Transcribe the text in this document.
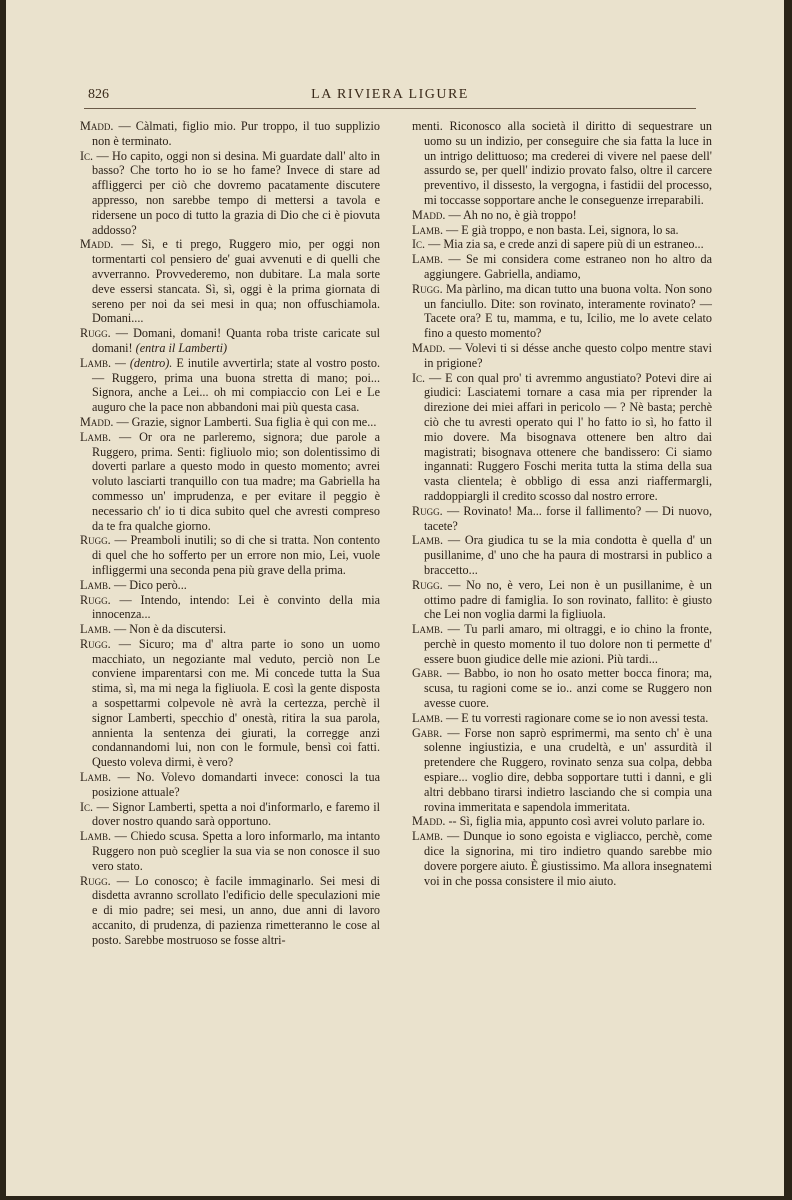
826	LA RIVIERA LIGURE

Madd. — Càlmati, figlio mio. Pur troppo, il tuo supplizio non è terminato.

Ic. — Ho capito, oggi non si desina. Mi guardate dall' alto in basso? Che torto ho io se ho fame? Invece di stare ad affliggerci per ciò che dovremo pacatamente discutere appresso, non sarebbe tempo di mettersi a tavola e ridersene un poco di tutto la grazia di Dio che ci è piovuta addosso?

Madd. — Sì, e ti prego, Ruggero mio, per oggi non tormentarti col pensiero de' guai avvenuti e di quelli che avverranno. Provvederemo, non dubitare. La mala sorte deve essersi stancata. Sì, sì, oggi è la prima giornata di sereno per noi da sei mesi in qua; non offuschiamola. Domani....

Rugg. — Domani, domani! Quanta roba triste caricate sul domani! (entra il Lamberti)

Lamb. — (dentro). E inutile avvertirla; state al vostro posto. — Ruggero, prima una buona stretta di mano; poi... Signora, anche a Lei... oh mi compiaccio con Lei e Le auguro che la pace non abbandoni mai più questa casa.

Madd. — Grazie, signor Lamberti. Sua figlia è qui con me...

Lamb. — Or ora ne parleremo, signora; due parole a Ruggero, prima. Senti: figliuolo mio; son dolentissimo di doverti parlare a questo modo in questo momento; avrei voluto lasciarti tranquillo con tua madre; ma Gabriella ha commesso un' imprudenza, e per evitare il peggio è necessario ch' io ti dica subito quel che avresti compreso da te fra qualche giorno.

Rugg. — Preamboli inutili; so di che si tratta. Non contento di quel che ho sofferto per un errore non mio, Lei, vuole infliggermi una seconda pena più grave della prima.

Lamb. — Dico però...

Rugg. — Intendo, intendo: Lei è convinto della mia innocenza...

Lamb. — Non è da discutersi.

Rugg. — Sicuro; ma d' altra parte io sono un uomo macchiato, un negoziante mal veduto, perciò non Le conviene imparentarsi con me. Mi concede tutta la Sua stima, sì, ma mi nega la figliuola. E così la gente disposta a sospettarmi colpevole nè avrà la certezza, perchè il signor Lamberti, specchio d' onestà, ritira la sua parola, annienta la sentenza dei giurati, la corregge anzi condannandomi lui, non con le formule, bensì coi fatti. Questo voleva dirmi, è vero?

Lamb. — No. Volevo domandarti invece: conosci la tua posizione attuale?

Ic. — Signor Lamberti, spetta a noi d'informarlo, e faremo il dover nostro quando sarà opportuno.

Lamb. — Chiedo scusa. Spetta a loro informarlo, ma intanto Ruggero non può sceglier la sua via se non conosce il suo vero stato.

Rugg. — Lo conosco; è facile immaginarlo. Sei mesi di disdetta avranno scrollato l'edificio delle speculazioni mie e di mio padre; sei mesi, un anno, due anni di lavoro accanito, di prudenza, di pazienza rimetteranno le cose al posto. Sarebbe mostruoso se fosse altri-

menti. Riconosco alla società il diritto di sequestrare un uomo su un indizio, per conseguire che sia fatta la luce in un intrigo delittuoso; ma crederei di vivere nel paese dell' assurdo se, per quell' indizio provato falso, oltre il carcere preventivo, il dissesto, la vergogna, i fastidii del processo, mi toccasse sopportare anche le conseguenze irreparabili.

Madd. — Ah no no, è già troppo!

Lamb. — E già troppo, e non basta. Lei, signora, lo sa.

Ic. — Mia zia sa, e crede anzi di sapere più di un estraneo...

Lamb. — Se mi considera come estraneo non ho altro da aggiungere. Gabriella, andiamo,

Rugg. Ma pàrlino, ma dican tutto una buona volta. Non sono un fanciullo. Dite: son rovinato, interamente rovinato? — Tacete ora? E tu, mamma, e tu, Icilio, me lo avete celato fino a questo momento?

Madd. — Volevi ti si désse anche questo colpo mentre stavi in prigione?

Ic. — E con qual pro' ti avremmo angustiato? Potevi dire ai giudici: Lasciatemi tornare a casa mia per riprender la direzione dei miei affari in pericolo — ? Nè basta; perchè ciò che tu avresti operato qui l' ho fatto io sì, ho fatto il mio dovere. Ma bisognava ottenere ben altro dai magistrati; bisognava ottenere che bandissero: Ci siamo ingannati: Ruggero Foschi merita tutta la stima della sua vasta clientela; è obbligo di essa anzi riaffermargli, raddoppiargli il credito scosso dal nostro errore.

Rugg. — Rovinato! Ma... forse il fallimento? — Di nuovo, tacete?

Lamb. — Ora giudica tu se la mia condotta è quella d' un pusillanime, d' uno che ha paura di mostrarsi in publico a braccetto...

Rugg. — No no, è vero, Lei non è un pusillanime, è un ottimo padre di famiglia. Io son rovinato, fallito: è giusto che Lei non voglia darmi la figliuola.

Lamb. — Tu parli amaro, mi oltraggi, e io chino la fronte, perchè in questo momento il tuo dolore non ti permette d' essere buon giudice delle mie azioni. Più tardi...

Gabr. — Babbo, io non ho osato metter bocca finora; ma, scusa, tu ragioni come se io.. anzi come se Ruggero non avesse cuore.

Lamb. — E tu vorresti ragionare come se io non avessi testa.

Gabr. — Forse non saprò esprimermi, ma sento ch' è una solenne ingiustizia, e una crudeltà, e un' assurdità il pretendere che Ruggero, rovinato senza sua colpa, debba espiare... voglio dire, debba sopportare tutti i danni, e gli altri debbano tirarsi indietro lasciando che si compia una rovina immeritata e sapendola immeritata.

Madd. -- Sì, figlia mia, appunto così avrei voluto parlare io.

Lamb. — Dunque io sono egoista e vigliacco, perchè, come dice la signorina, mi tiro indietro quando sarebbe mio dovere porgere aiuto. È giustissimo. Ma allora insegnatemi voi in che possa consistere il mio aiuto.
